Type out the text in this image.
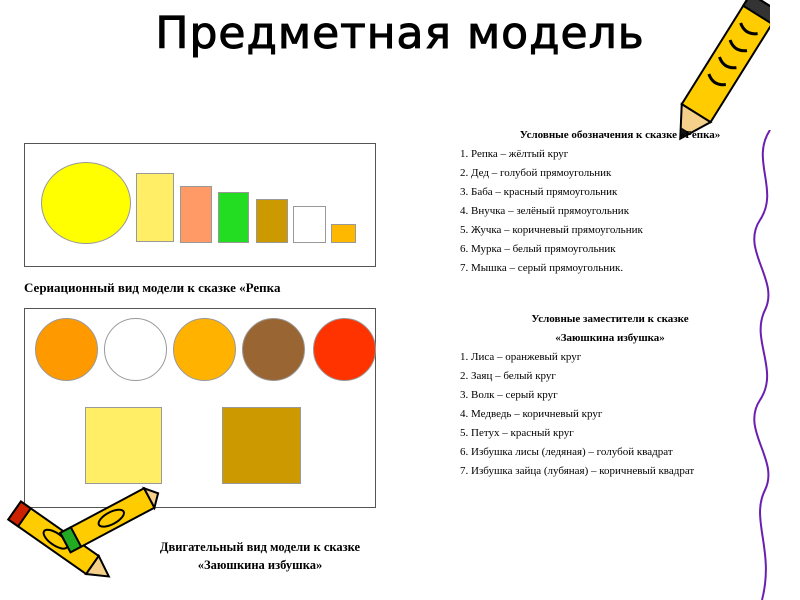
Предметная модель
Сериационный вид модели к сказке «Репка
Условные обозначения к сказке «Репка»
1. Репка – жёлтый круг
2. Дед – голубой прямоугольник
3. Баба – красный прямоугольник
4. Внучка – зелёный прямоугольник
5. Жучка – коричневый прямоугольник
6. Мурка – белый прямоугольник
7. Мышка – серый прямоугольник.
Условные заместители к сказке
«Заюшкина избушка»
1. Лиса – оранжевый круг
2. Заяц – белый круг
3. Волк – серый круг
4. Медведь – коричневый круг
5. Петух – красный круг
6. Избушка лисы (ледяная) – голубой квадрат
7. Избушка зайца (лубяная) – коричневый квадрат
Двигательный вид модели к сказке
«Заюшкина избушка»
